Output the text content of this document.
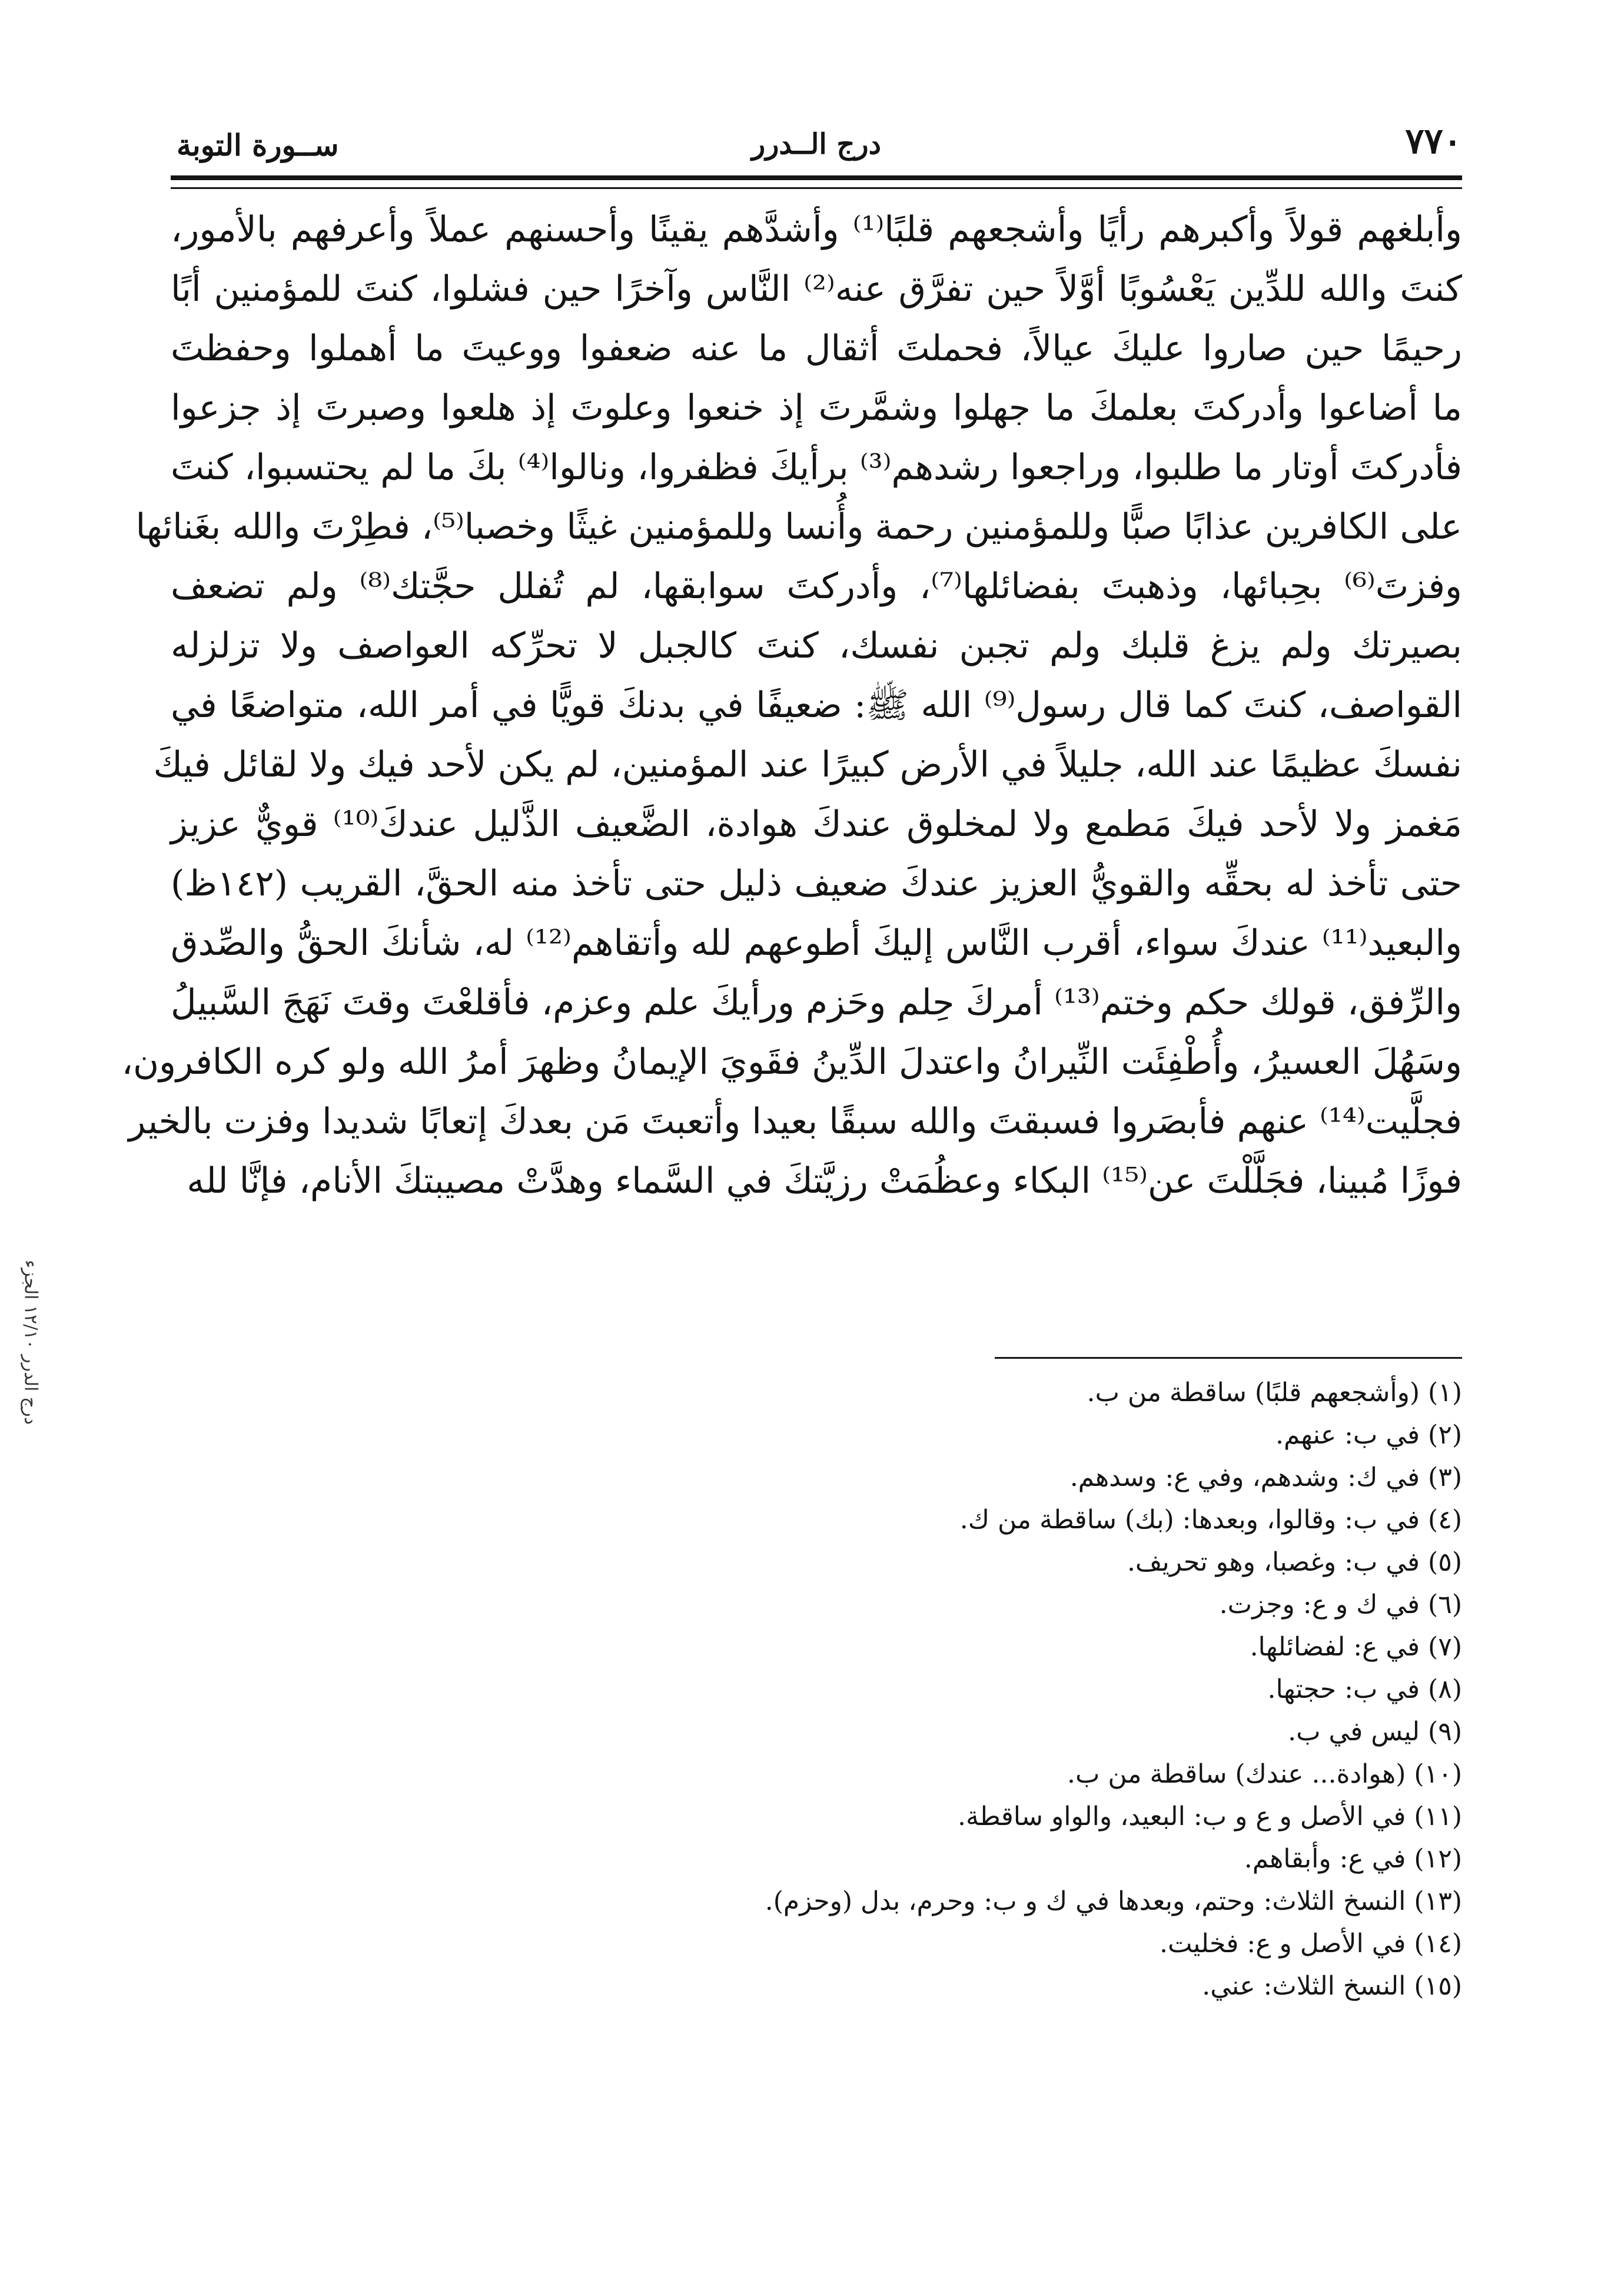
٧٧٠
درج الــدرر
ســورة التوبة
وأبلغهم قولاً وأكبرهم رأيًا وأشجعهم قلبًا⁽¹⁾ وأشدَّهم يقينًا وأحسنهم عملاً وأعرفهم بالأمور،
كنتَ والله للدِّين يَعْسُوبًا أوَّلاً حين تفرَّق عنه⁽²⁾ النَّاس وآخرًا حين فشلوا، كنتَ للمؤمنين أبًا
رحيمًا حين صاروا عليكَ عيالاً، فحملتَ أثقال ما عنه ضعفوا ووعيتَ ما أهملوا وحفظتَ
ما أضاعوا وأدركتَ بعلمكَ ما جهلوا وشمَّرتَ إذ خنعوا وعلوتَ إذ هلعوا وصبرتَ إذ جزعوا
فأدركتَ أوتار ما طلبوا، وراجعوا رشدهم⁽³⁾ برأيكَ فظفروا، ونالوا⁽⁴⁾ بكَ ما لم يحتسبوا، كنتَ
على الكافرين عذابًا صبًّا وللمؤمنين رحمة وأُنسا وللمؤمنين غيثًا وخصبا⁽⁵⁾، فطِرْتَ والله بغَنائها
وفزتَ⁽⁶⁾ بحِبائها، وذهبتَ بفضائلها⁽⁷⁾، وأدركتَ سوابقها، لم تُفلل حجَّتك⁽⁸⁾ ولم تضعف
بصيرتك ولم يزغ قلبك ولم تجبن نفسك، كنتَ كالجبل لا تحرِّكه العواصف ولا تزلزله
القواصف، كنتَ كما قال رسول⁽⁹⁾ الله ﷺ: ضعيفًا في بدنكَ قويًّا في أمر الله، متواضعًا في
نفسكَ عظيمًا عند الله، جليلاً في الأرض كبيرًا عند المؤمنين، لم يكن لأحد فيك ولا لقائل فيكَ
مَغمز ولا لأحد فيكَ مَطمع ولا لمخلوق عندكَ هوادة، الضَّعيف الذَّليل عندكَ⁽¹⁰⁾ قويٌّ عزيز
حتى تأخذ له بحقِّه والقويُّ العزيز عندكَ ضعيف ذليل حتى تأخذ منه الحقَّ، القريب (١٤٢ظ)
والبعيد⁽¹¹⁾ عندكَ سواء، أقرب النَّاس إليكَ أطوعهم لله وأتقاهم⁽¹²⁾ له، شأنكَ الحقُّ والصِّدق
والرِّفق، قولك حكم وختم⁽¹³⁾ أمركَ حِلم وحَزم ورأيكَ علم وعزم، فأقلعْتَ وقتَ نَهَجَ السَّبيلُ
وسَهُلَ العسيرُ، وأُطْفِئَت النِّيرانُ واعتدلَ الدِّينُ فقَويَ الإيمانُ وظهرَ أمرُ الله ولو كره الكافرون،
فجلَّيت⁽¹⁴⁾ عنهم فأبصَروا فسبقتَ والله سبقًا بعيدا وأتعبتَ مَن بعدكَ إتعابًا شديدا وفزت بالخير
فوزًا مُبينا، فجَلَّلْتَ عن⁽¹⁵⁾ البكاء وعظُمَتْ رزيَّتكَ في السَّماء وهدَّتْ مصيبتكَ الأنام، فإنَّا لله
(١) (وأشجعهم قلبًا) ساقطة من ب.
(٢) في ب: عنهم.
(٣) في ك: وشدهم، وفي ع: وسدهم.
(٤) في ب: وقالوا، وبعدها: (بك) ساقطة من ك.
(٥) في ب: وغصبا، وهو تحريف.
(٦) في ك و ع: وجزت.
(٧) في ع: لفضائلها.
(٨) في ب: حجتها.
(٩) ليس في ب.
(١٠) (هوادة... عندك) ساقطة من ب.
(١١) في الأصل و ع و ب: البعيد، والواو ساقطة.
(١٢) في ع: وأبقاهم.
(١٣) النسخ الثلاث: وحتم، وبعدها في ك و ب: وحرم، بدل (وحزم).
(١٤) في الأصل و ع: فخليت.
(١٥) النسخ الثلاث: عني.
درج الدرر ١٢/١٠ الجزء
